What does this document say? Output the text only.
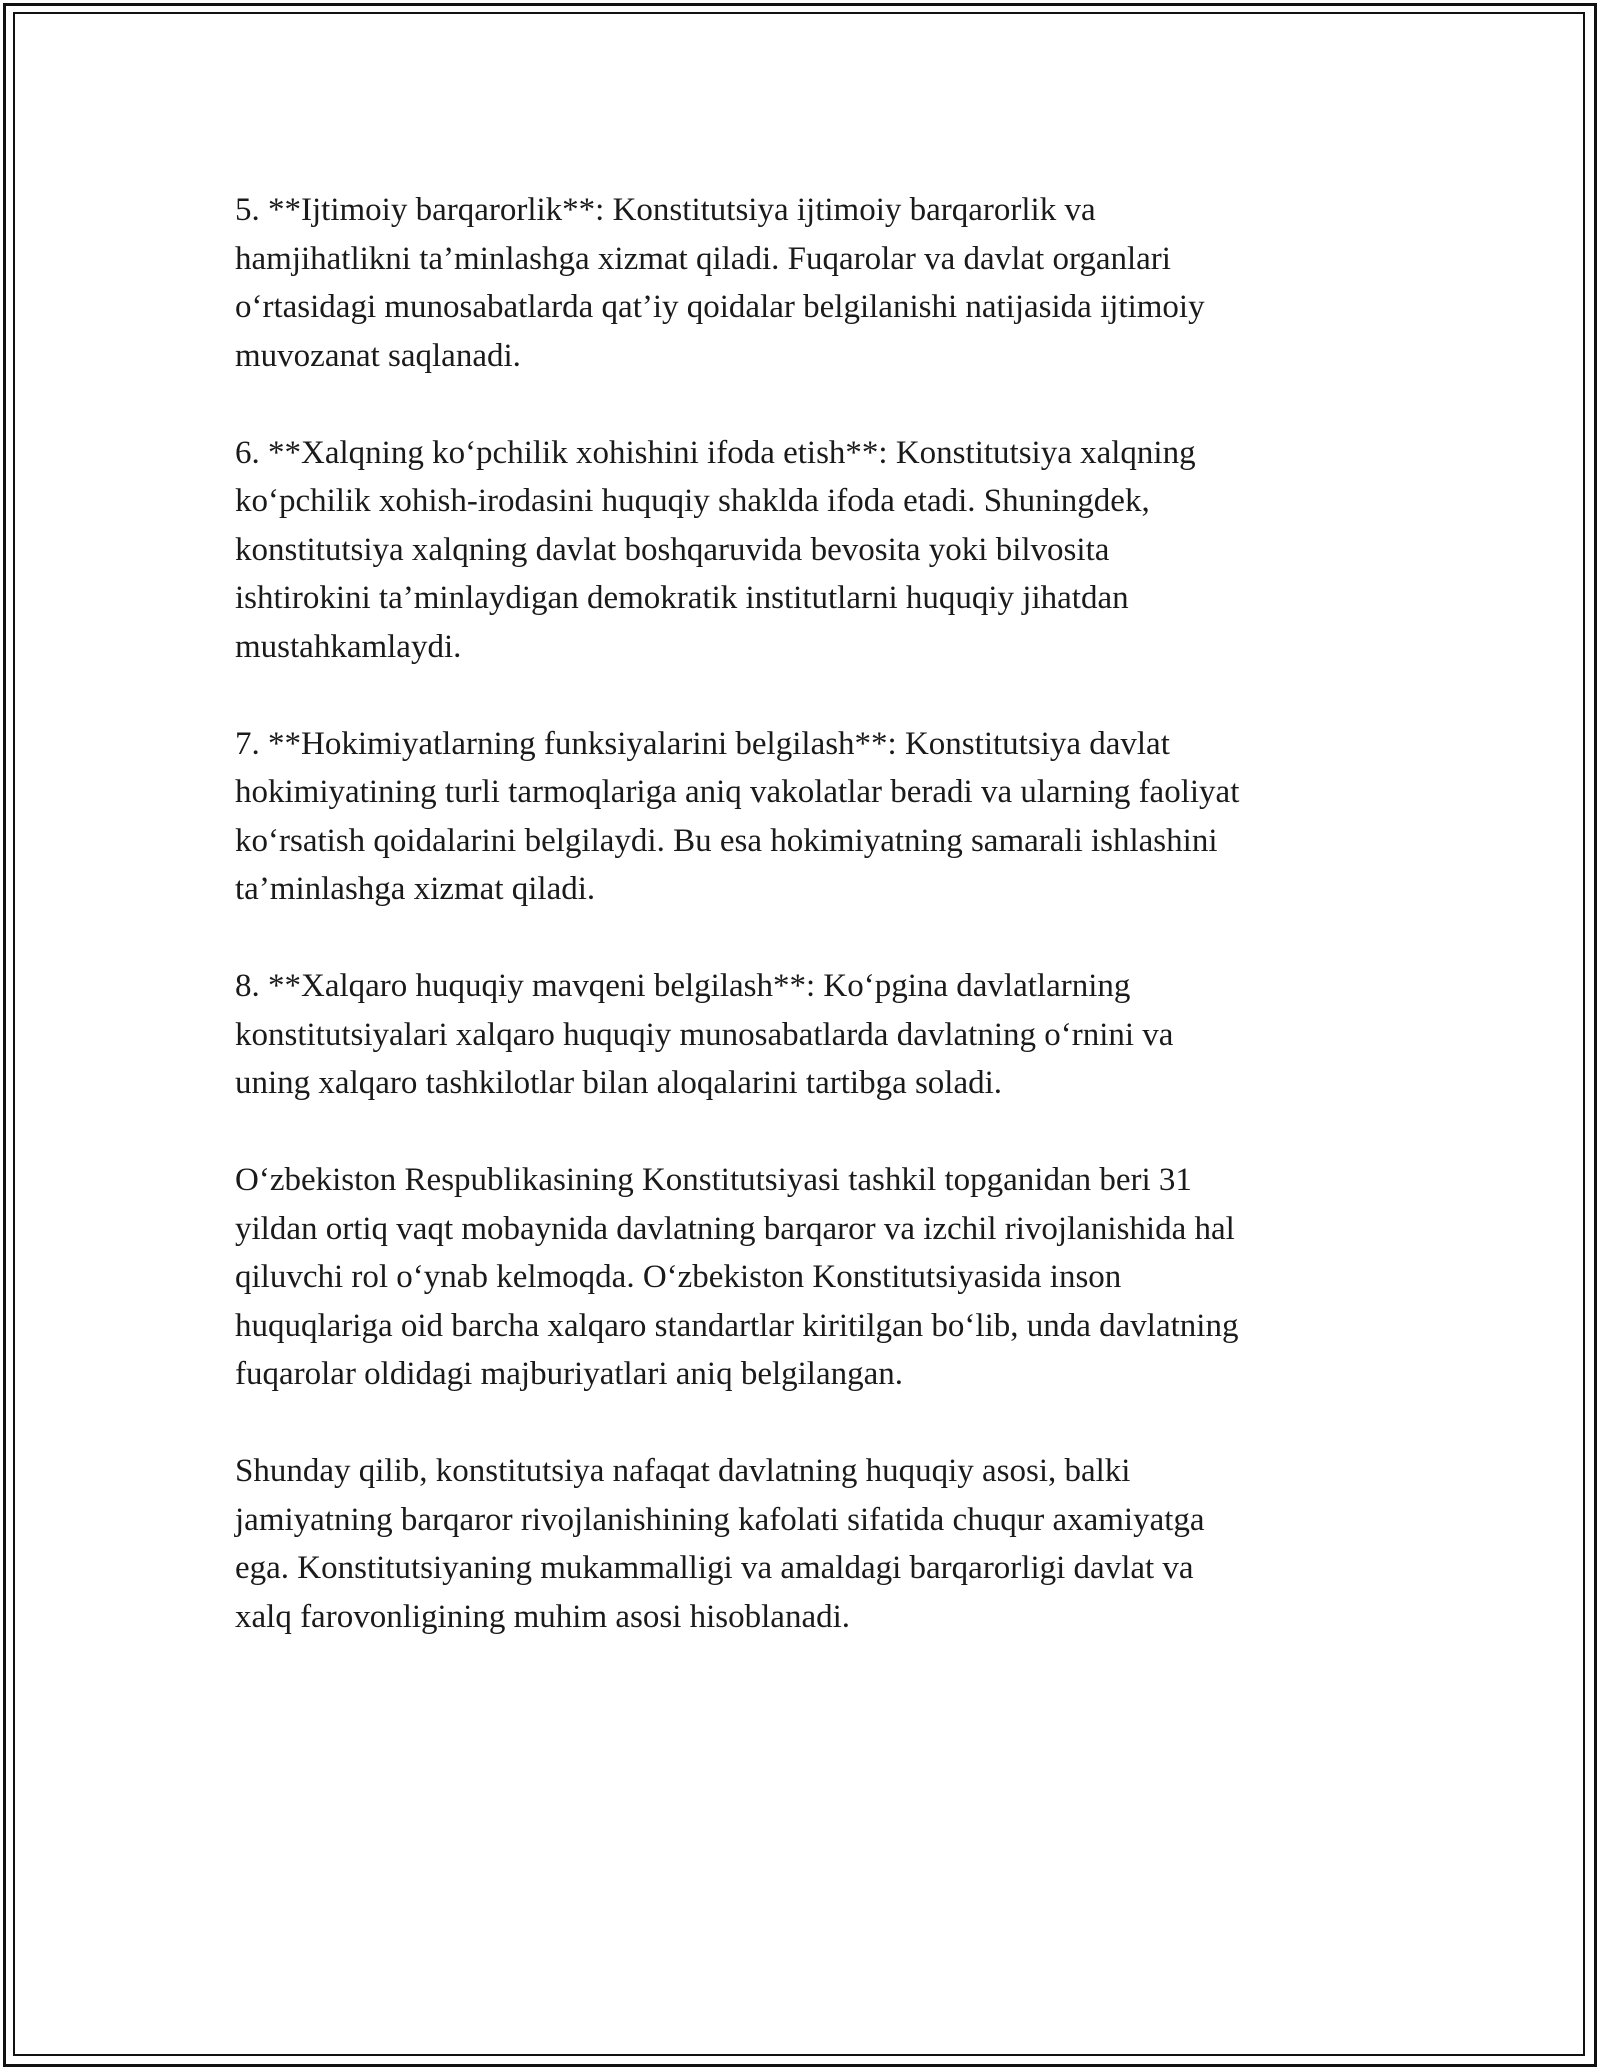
5. **Ijtimoiy barqarorlik**: Konstitutsiya ijtimoiy barqarorlik va
hamjihatlikni ta’minlashga xizmat qiladi. Fuqarolar va davlat organlari
o‘rtasidagi munosabatlarda qat’iy qoidalar belgilanishi natijasida ijtimoiy
muvozanat saqlanadi.

6. **Xalqning ko‘pchilik xohishini ifoda etish**: Konstitutsiya xalqning
ko‘pchilik xohish-irodasini huquqiy shaklda ifoda etadi. Shuningdek,
konstitutsiya xalqning davlat boshqaruvida bevosita yoki bilvosita
ishtirokini ta’minlaydigan demokratik institutlarni huquqiy jihatdan
mustahkamlaydi.

7. **Hokimiyatlarning funksiyalarini belgilash**: Konstitutsiya davlat
hokimiyatining turli tarmoqlariga aniq vakolatlar beradi va ularning faoliyat
ko‘rsatish qoidalarini belgilaydi. Bu esa hokimiyatning samarali ishlashini
ta’minlashga xizmat qiladi.

8. **Xalqaro huquqiy mavqeni belgilash**: Ko‘pgina davlatlarning
konstitutsiyalari xalqaro huquqiy munosabatlarda davlatning o‘rnini va
uning xalqaro tashkilotlar bilan aloqalarini tartibga soladi.

O‘zbekiston Respublikasining Konstitutsiyasi tashkil topganidan beri 31
yildan ortiq vaqt mobaynida davlatning barqaror va izchil rivojlanishida hal
qiluvchi rol o‘ynab kelmoqda. O‘zbekiston Konstitutsiyasida inson
huquqlariga oid barcha xalqaro standartlar kiritilgan bo‘lib, unda davlatning
fuqarolar oldidagi majburiyatlari aniq belgilangan.

Shunday qilib, konstitutsiya nafaqat davlatning huquqiy asosi, balki
jamiyatning barqaror rivojlanishining kafolati sifatida chuqur axamiyatga
ega. Konstitutsiyaning mukammalligi va amaldagi barqarorligi davlat va
xalq farovonligining muhim asosi hisoblanadi.
